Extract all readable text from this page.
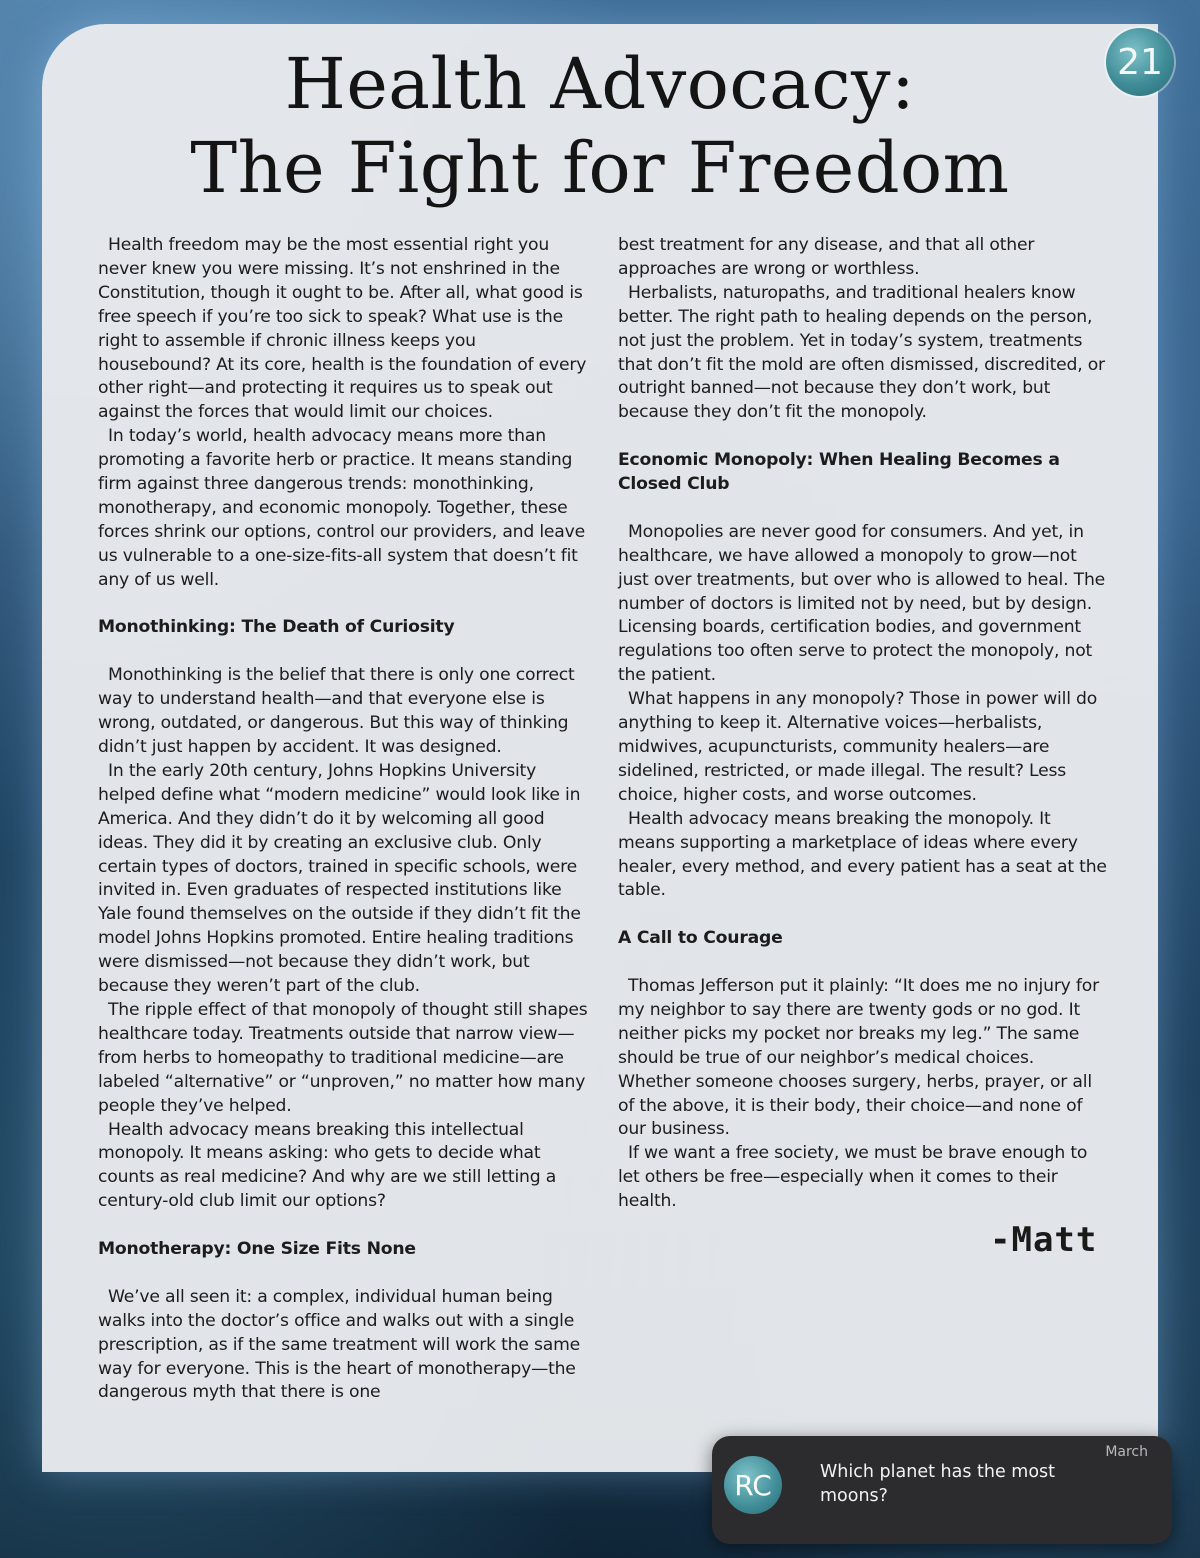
21
Health Advocacy:
The Fight for Freedom

Health freedom may be the most essential right you never knew you were missing. It’s not enshrined in the Constitution, though it ought to be. After all, what good is free speech if you’re too sick to speak? What use is the right to assemble if chronic illness keeps you housebound? At its core, health is the foundation of every other right—and protecting it requires us to speak out against the forces that would limit our choices.

In today’s world, health advocacy means more than promoting a favorite herb or practice. It means standing firm against three dangerous trends: monothinking, monotherapy, and economic monopoly. Together, these forces shrink our options, control our providers, and leave us vulnerable to a one-size-fits-all system that doesn’t fit any of us well.

Monothinking: The Death of Curiosity

Monothinking is the belief that there is only one correct way to understand health—and that everyone else is wrong, outdated, or dangerous. But this way of thinking didn’t just happen by accident. It was designed.

In the early 20th century, Johns Hopkins University helped define what “modern medicine” would look like in America. And they didn’t do it by welcoming all good ideas. They did it by creating an exclusive club. Only certain types of doctors, trained in specific schools, were invited in. Even graduates of respected institutions like Yale found themselves on the outside if they didn’t fit the model Johns Hopkins promoted. Entire healing traditions were dismissed—not because they didn’t work, but because they weren’t part of the club.

The ripple effect of that monopoly of thought still shapes healthcare today. Treatments outside that narrow view—from herbs to homeopathy to traditional medicine—are labeled “alternative” or “unproven,” no matter how many people they’ve helped.

Health advocacy means breaking this intellectual monopoly. It means asking: who gets to decide what counts as real medicine? And why are we still letting a century-old club limit our options?

Monotherapy: One Size Fits None

We’ve all seen it: a complex, individual human being walks into the doctor’s office and walks out with a single prescription, as if the same treatment will work the same way for everyone. This is the heart of monotherapy—the dangerous myth that there is one

best treatment for any disease, and that all other approaches are wrong or worthless.

Herbalists, naturopaths, and traditional healers know better. The right path to healing depends on the person, not just the problem. Yet in today’s system, treatments that don’t fit the mold are often dismissed, discredited, or outright banned—not because they don’t work, but because they don’t fit the monopoly.

Economic Monopoly: When Healing Becomes a Closed Club

Monopolies are never good for consumers. And yet, in healthcare, we have allowed a monopoly to grow—not just over treatments, but over who is allowed to heal. The number of doctors is limited not by need, but by design. Licensing boards, certification bodies, and government regulations too often serve to protect the monopoly, not the patient.

What happens in any monopoly? Those in power will do anything to keep it. Alternative voices—herbalists, midwives, acupuncturists, community healers—are sidelined, restricted, or made illegal. The result? Less choice, higher costs, and worse outcomes.

Health advocacy means breaking the monopoly. It means supporting a marketplace of ideas where every healer, every method, and every patient has a seat at the table.

A Call to Courage

Thomas Jefferson put it plainly: “It does me no injury for my neighbor to say there are twenty gods or no god. It neither picks my pocket nor breaks my leg.” The same should be true of our neighbor’s medical choices. Whether someone chooses surgery, herbs, prayer, or all of the above, it is their body, their choice—and none of our business.

If we want a free society, we must be brave enough to let others be free—especially when it comes to their health.

-Matt
RC
March
Which planet has the most moons?
